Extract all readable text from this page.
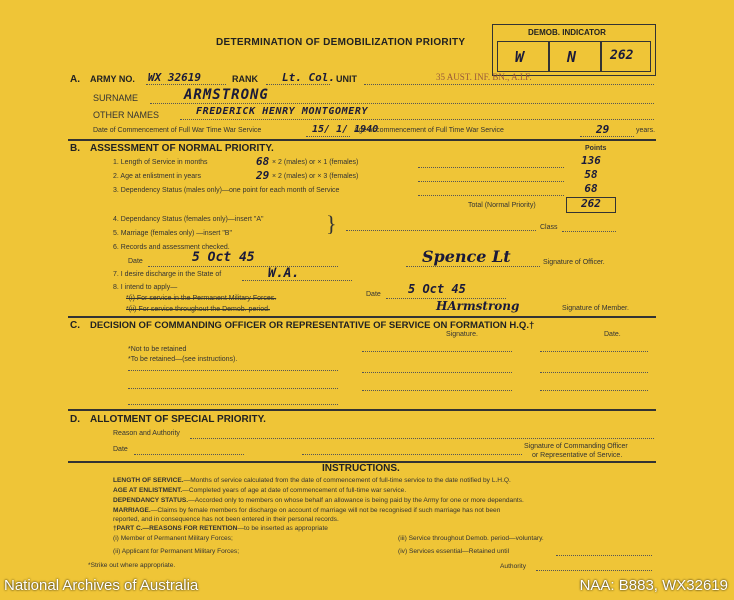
DETERMINATION OF DEMOBILIZATION PRIORITY
DEMOB. INDICATOR
W	N	262
A. ARMY NO. WX 32619	RANK Lt. Col. UNIT	35 AUST. INF. BN., A.I.F.
SURNAME	ARMSTRONG
OTHER NAMES	FREDERICK HENRY MONTGOMERY
Date of Commencement of Full War Time War Service	15/ 1/ 1940
Age at commencement of Full Time War Service	29	years.
B. ASSESSMENT OF NORMAL PRIORITY.	Points
1. Length of Service in months	68 × 2 (males) or × 1 (females)	136
2. Age at enlistment in years	29 × 2 (males) or × 3 (females)	58
3. Dependency Status (males only)—one point for each month of Service	68
Total (Normal Priority)	262
4. Dependancy Status (females only)—insert "A"
5. Marriage (females only) —insert "B"	}	Class
6. Records and assessment checked.
Date	5 Oct 45	Spence Lt	Signature of Officer.
7. I desire discharge in the State of	W.A.
8. I intend to apply—
*(i) For service in the Permanent Military Forces.
*(ii) For service throughout the Demob. period.
Date 5 Oct 45
HArmstrong	Signature of Member.
C. DECISION OF COMMANDING OFFICER OR REPRESENTATIVE OF SERVICE ON FORMATION H.Q.†
Signature.	Date.
*Not to be retained
*To be retained—(see instructions).
D. ALLOTMENT OF SPECIAL PRIORITY.
Reason and Authority
Date	Signature of Commanding Officer
or Representative of Service.
INSTRUCTIONS.
LENGTH OF SERVICE.—Months of service calculated from the date of commencement of full-time service to the date notified by L.H.Q.
AGE AT ENLISTMENT.—Completed years of age at date of commencement of full-time war service.
DEPENDANCY STATUS.—Accorded only to members on whose behalf an allowance is being paid by the Army for one or more dependants.
MARRIAGE.—Claims by female members for discharge on account of marriage will not be recognised if such marriage has not been
reported, and in consequence has not been entered in their personal records.
†PART C.—REASONS FOR RETENTION—to be inserted as appropriate
(i) Member of Permanent Military Forces;	(iii) Service throughout Demob. period—voluntary.
(ii) Applicant for Permanent Military Forces;	(iv) Services essential—Retained until
*Strike out where appropriate.	Authority
National Archives of Australia	NAA: B883, WX32619
